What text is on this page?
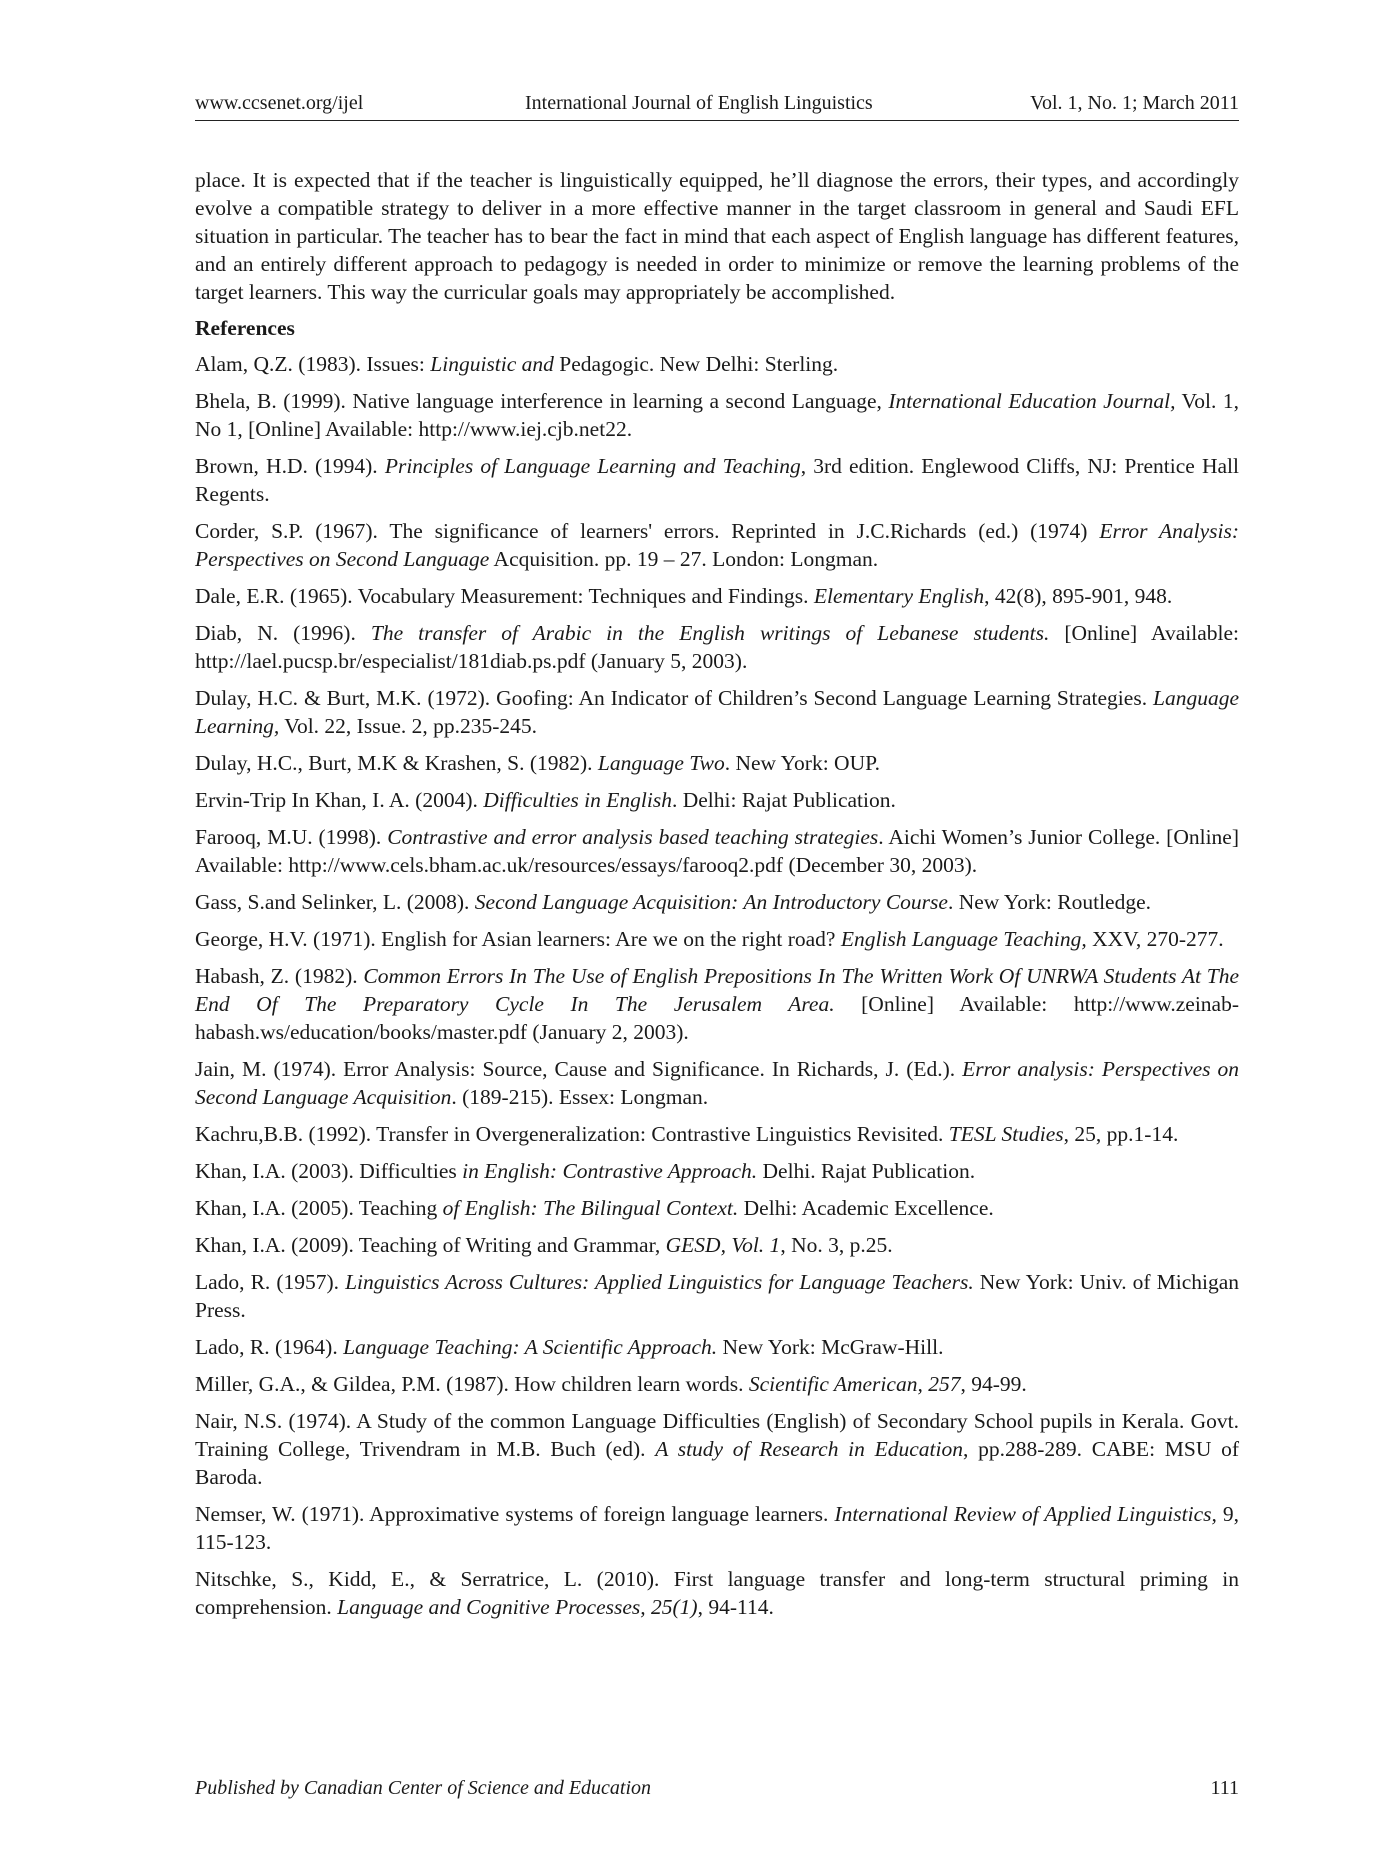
www.ccsenet.org/ijel	International Journal of English Linguistics	Vol. 1, No. 1; March 2011

place. It is expected that if the teacher is linguistically equipped, he’ll diagnose the errors, their types, and accordingly evolve a compatible strategy to deliver in a more effective manner in the target classroom in general and Saudi EFL situation in particular. The teacher has to bear the fact in mind that each aspect of English language has different features, and an entirely different approach to pedagogy is needed in order to minimize or remove the learning problems of the target learners. This way the curricular goals may appropriately be accomplished.

References
Alam, Q.Z. (1983). Issues: Linguistic and Pedagogic. New Delhi: Sterling.
Bhela, B. (1999). Native language interference in learning a second Language, International Education Journal, Vol. 1, No 1, [Online] Available: http://www.iej.cjb.net22.
Brown, H.D. (1994). Principles of Language Learning and Teaching, 3rd edition. Englewood Cliffs, NJ: Prentice Hall Regents.
Corder, S.P. (1967). The significance of learners' errors. Reprinted in J.C.Richards (ed.) (1974) Error Analysis: Perspectives on Second Language Acquisition. pp. 19 – 27. London: Longman.
Dale, E.R. (1965). Vocabulary Measurement: Techniques and Findings. Elementary English, 42(8), 895-901, 948.
Diab, N. (1996). The transfer of Arabic in the English writings of Lebanese students. [Online] Available: http://lael.pucsp.br/especialist/181diab.ps.pdf (January 5, 2003).
Dulay, H.C. & Burt, M.K. (1972). Goofing: An Indicator of Children’s Second Language Learning Strategies. Language Learning, Vol. 22, Issue. 2, pp.235-245.
Dulay, H.C., Burt, M.K & Krashen, S. (1982). Language Two. New York: OUP.
Ervin-Trip In Khan, I. A. (2004). Difficulties in English. Delhi: Rajat Publication.
Farooq, M.U. (1998). Contrastive and error analysis based teaching strategies. Aichi Women’s Junior College. [Online] Available: http://www.cels.bham.ac.uk/resources/essays/farooq2.pdf (December 30, 2003).
Gass, S.and Selinker, L. (2008). Second Language Acquisition: An Introductory Course. New York: Routledge.
George, H.V. (1971). English for Asian learners: Are we on the right road? English Language Teaching, XXV, 270-277.
Habash, Z. (1982). Common Errors In The Use of English Prepositions In The Written Work Of UNRWA Students At The End Of The Preparatory Cycle In The Jerusalem Area. [Online] Available: http://www.zeinab-habash.ws/education/books/master.pdf (January 2, 2003).
Jain, M. (1974). Error Analysis: Source, Cause and Significance. In Richards, J. (Ed.). Error analysis: Perspectives on Second Language Acquisition. (189-215). Essex: Longman.
Kachru,B.B. (1992). Transfer in Overgeneralization: Contrastive Linguistics Revisited. TESL Studies, 25, pp.1-14.
Khan, I.A. (2003). Difficulties in English: Contrastive Approach. Delhi. Rajat Publication.
Khan, I.A. (2005). Teaching of English: The Bilingual Context. Delhi: Academic Excellence.
Khan, I.A. (2009). Teaching of Writing and Grammar, GESD, Vol. 1, No. 3, p.25.
Lado, R. (1957). Linguistics Across Cultures: Applied Linguistics for Language Teachers. New York: Univ. of Michigan Press.
Lado, R. (1964). Language Teaching: A Scientific Approach. New York: McGraw-Hill.
Miller, G.A., & Gildea, P.M. (1987). How children learn words. Scientific American, 257, 94-99.
Nair, N.S. (1974). A Study of the common Language Difficulties (English) of Secondary School pupils in Kerala. Govt. Training College, Trivendram in M.B. Buch (ed). A study of Research in Education, pp.288-289. CABE: MSU of Baroda.
Nemser, W. (1971). Approximative systems of foreign language learners. International Review of Applied Linguistics, 9, 115-123.
Nitschke, S., Kidd, E., & Serratrice, L. (2010). First language transfer and long-term structural priming in comprehension. Language and Cognitive Processes, 25(1), 94-114.
Published by Canadian Center of Science and Education	111
